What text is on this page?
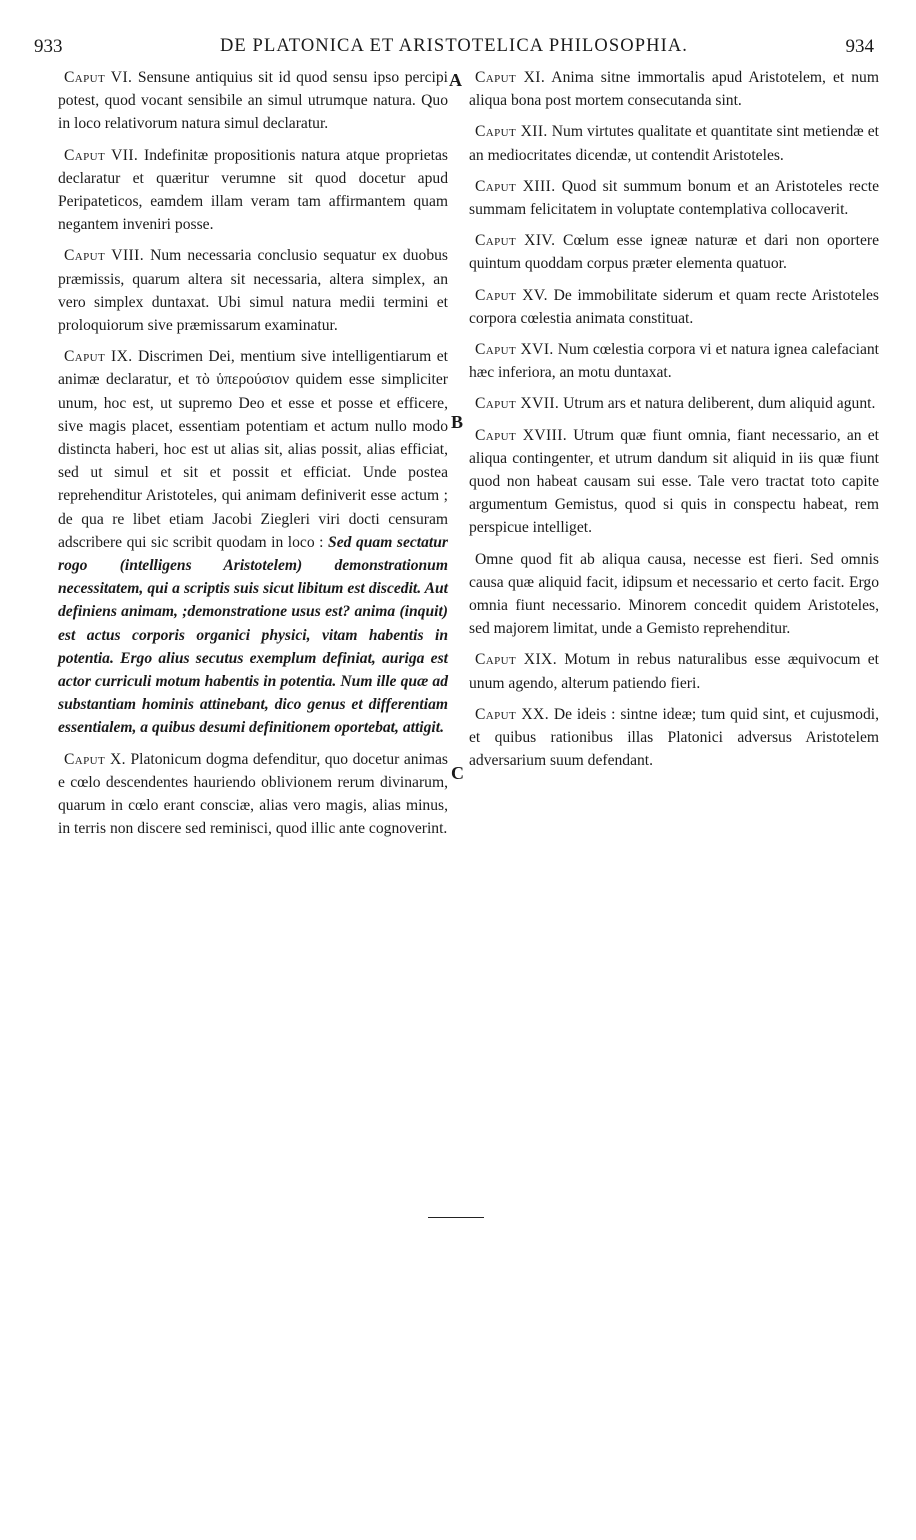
933	DE PLATONICA ET ARISTOTELICA PHILOSOPHIA.	934
A
B
C

Caput VI. Sensune antiquius sit id quod sensu ipso percipi potest, quod vocant sensibile an simul utrumque natura. Quo in loco relativorum natura simul declaratur.

Caput VII. Indefinitæ propositionis natura atque proprietas declaratur et quæritur verumne sit quod docetur apud Peripateticos, eamdem illam veram tam affirmantem quam negantem inveniri posse.

Caput VIII. Num necessaria conclusio sequatur ex duobus præmissis, quarum altera sit necessaria, altera simplex, an vero simplex duntaxat. Ubi simul natura medii termini et proloquiorum sive præmissarum examinatur.

Caput IX. Discrimen Dei, mentium sive intelligentiarum et animæ declaratur, et τὸ ὑπερούσιον quidem esse simpliciter unum, hoc est, ut supremo Deo et esse et posse et efficere, sive magis placet, essentiam potentiam et actum nullo modo distincta haberi, hoc est ut alias sit, alias possit, alias efficiat, sed ut simul et sit et possit et efficiat. Unde postea reprehenditur Aristoteles, qui animam definiverit esse actum ; de qua re libet etiam Jacobi Ziegleri viri docti censuram adscribere qui sic scribit quodam in loco : Sed quam sectatur rogo (intelligens Aristotelem) demonstrationum necessitatem, qui a scriptis suis sicut libitum est discedit. Aut definiens animam, ;demonstratione usus est? anima (inquit) est actus corporis organici physici, vitam habentis in potentia. Ergo alius secutus exemplum definiat, auriga est actor curriculi motum habentis in potentia. Num ille quæ ad substantiam hominis attinebant, dico genus et differentiam essentialem, a quibus desumi definitionem oportebat, attigit.

Caput X. Platonicum dogma defenditur, quo docetur animas e cœlo descendentes hauriendo oblivionem rerum divinarum, quarum in cœlo erant consciæ, alias vero magis, alias minus, in terris non discere sed reminisci, quod illic ante cognoverint.

Caput XI. Anima sitne immortalis apud Aristotelem, et num aliqua bona post mortem consecutanda sint.

Caput XII. Num virtutes qualitate et quantitate sint metiendæ et an mediocritates dicendæ, ut contendit Aristoteles.

Caput XIII. Quod sit summum bonum et an Aristoteles recte summam felicitatem in voluptate contemplativa collocaverit.

Caput XIV. Cœlum esse igneæ naturæ et dari non oportere quintum quoddam corpus præter elementa quatuor.

Caput XV. De immobilitate siderum et quam recte Aristoteles corpora cœlestia animata constituat.

Caput XVI. Num cœlestia corpora vi et natura ignea calefaciant hæc inferiora, an motu duntaxat.

Caput XVII. Utrum ars et natura deliberent, dum aliquid agunt.

Caput XVIII. Utrum quæ fiunt omnia, fiant necessario, an et aliqua contingenter, et utrum dandum sit aliquid in iis quæ fiunt quod non habeat causam sui esse. Tale vero tractat toto capite argumentum Gemistus, quod si quis in conspectu habeat, rem perspicue intelliget.

Omne quod fit ab aliqua causa, necesse est fieri. Sed omnis causa quæ aliquid facit, idipsum et necessario et certo facit. Ergo omnia fiunt necessario. Minorem concedit quidem Aristoteles, sed majorem limitat, unde a Gemisto reprehenditur.

Caput XIX. Motum in rebus naturalibus esse æquivocum et unum agendo, alterum patiendo fieri.

Caput XX. De ideis : sintne ideæ; tum quid sint, et cujusmodi, et quibus rationibus illas Platonici adversus Aristotelem adversarium suum defendant.
